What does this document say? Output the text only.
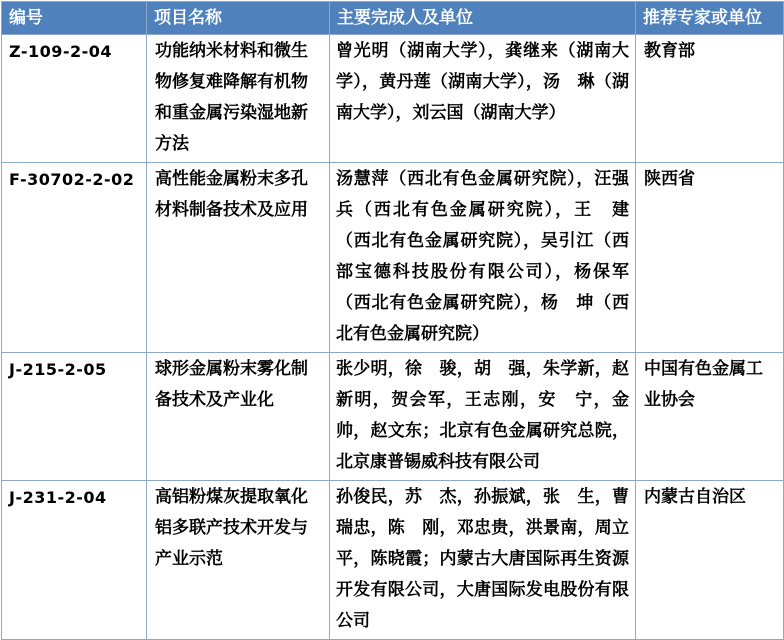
编号	项目名称	主要完成人及单位	推荐专家或单位
Z-109-2-04	功能纳米材料和微生物修复难降解有机物和重金属污染湿地新方法	曾光明（湖南大学），龚继来（湖南大学），黄丹莲（湖南大学），汤　琳（湖南大学），刘云国（湖南大学）	教育部
F-30702-2-02	高性能金属粉末多孔材料制备技术及应用	汤慧萍（西北有色金属研究院），汪强兵（西北有色金属研究院），王　建（西北有色金属研究院），吴引江（西部宝德科技股份有限公司），杨保军（西北有色金属研究院），杨　坤（西北有色金属研究院）	陕西省
J-215-2-05	球形金属粉末雾化制备技术及产业化	张少明，徐　骏，胡　强，朱学新，赵新明，贺会军，王志刚，安　宁，金　帅，赵文东；北京有色金属研究总院，北京康普锡威科技有限公司	中国有色金属工业协会
J-231-2-04	高铝粉煤灰提取氧化铝多联产技术开发与产业示范	孙俊民，苏　杰，孙振斌，张　生，曹瑞忠，陈　刚，邓忠贵，洪景南，周立平，陈晓霞；内蒙古大唐国际再生资源开发有限公司，大唐国际发电股份有限公司	内蒙古自治区
